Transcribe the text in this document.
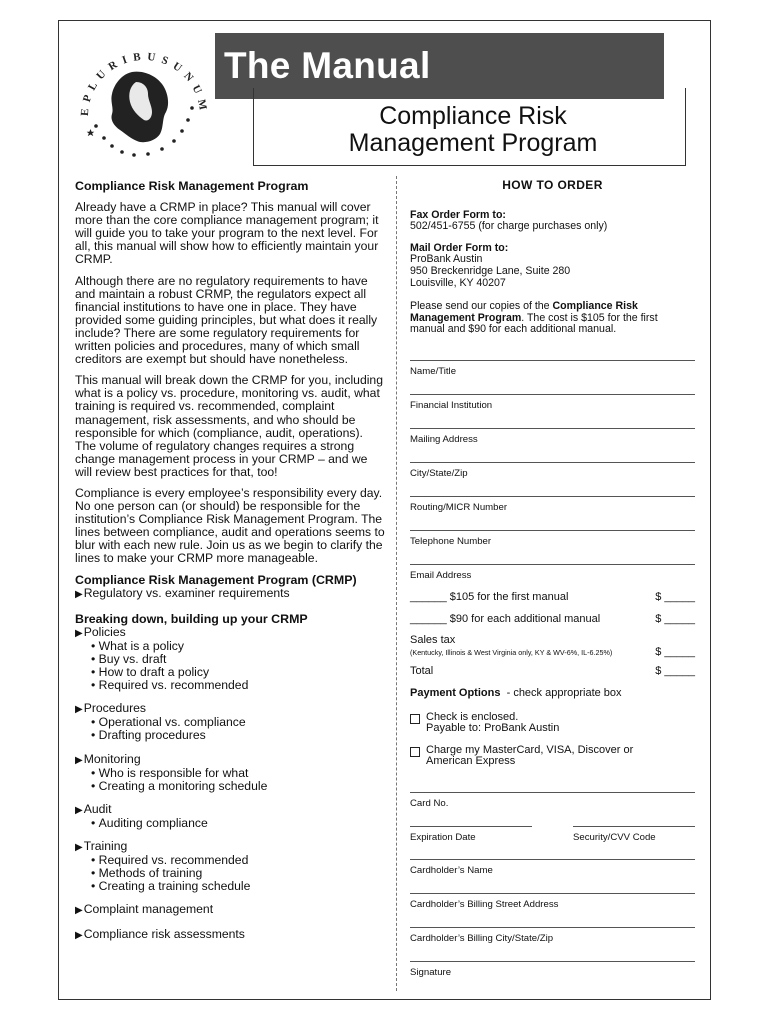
E P L U R I B U S U N U M
The Manual
Compliance Risk
Management Program
Compliance Risk Management Program

Already have a CRMP in place? This manual will cover more than the core compliance management program; it will guide you to take your program to the next level. For all, this manual will show how to efficiently maintain your CRMP.

Although there are no regulatory requirements to have and maintain a robust CRMP, the regulators expect all financial institutions to have one in place. They have provided some guiding principles, but what does it really include? There are some regulatory requirements for written policies and procedures, many of which small creditors are exempt but should have nonetheless.

This manual will break down the CRMP for you, including what is a policy vs. procedure, monitoring vs. audit, what training is required vs. recommended, complaint management, risk assessments, and who should be responsible for which (compliance, audit, operations). The volume of regulatory changes requires a strong change management process in your CRMP – and we will review best practices for that, too!

Compliance is every employee’s responsibility every day. No one person can (or should) be responsible for the institution’s Compliance Risk Management Program. The lines between compliance, audit and operations seems to blur with each new rule. Join us as we begin to clarify the lines to make your CRMP more manageable.

Compliance Risk Management Program (CRMP)
▶ Regulatory vs. examiner requirements
Breaking down, building up your CRMP
▶ Policies
• What is a policy
• Buy vs. draft
• How to draft a policy
• Required vs. recommended
▶ Procedures
• Operational vs. compliance
• Drafting procedures
▶ Monitoring
• Who is responsible for what
• Creating a monitoring schedule
▶ Audit
• Auditing compliance
▶ Training
• Required vs. recommended
• Methods of training
• Creating a training schedule
▶ Complaint management
▶ Compliance risk assessments
HOW TO ORDER

Fax Order Form to:

502/451-6755 (for charge purchases only)

Mail Order Form to:

ProBank Austin

950 Breckenridge Lane, Suite 280

Louisville, KY 40207

Please send our copies of the Compliance Risk Management Program. The cost is $105 for the first manual and $90 for each additional manual.

Name/Title
Financial Institution
Mailing Address
City/State/Zip
Routing/MICR Number
Telephone Number
Email Address
______ $105 for the first manual	$ _____
______ $90 for each additional manual	$ _____
Sales tax
(Kentucky, Illinois & West Virginia only, KY & WV-6%, IL-6.25%)	$ _____
Total	$ _____

Payment Options - check appropriate box

Check is enclosed.
Payable to: ProBank Austin
Charge my MasterCard, VISA, Discover or
American Express
Card No.
Expiration Date	Security/CVV Code
Cardholder’s Name
Cardholder’s Billing Street Address
Cardholder’s Billing City/State/Zip
Signature
